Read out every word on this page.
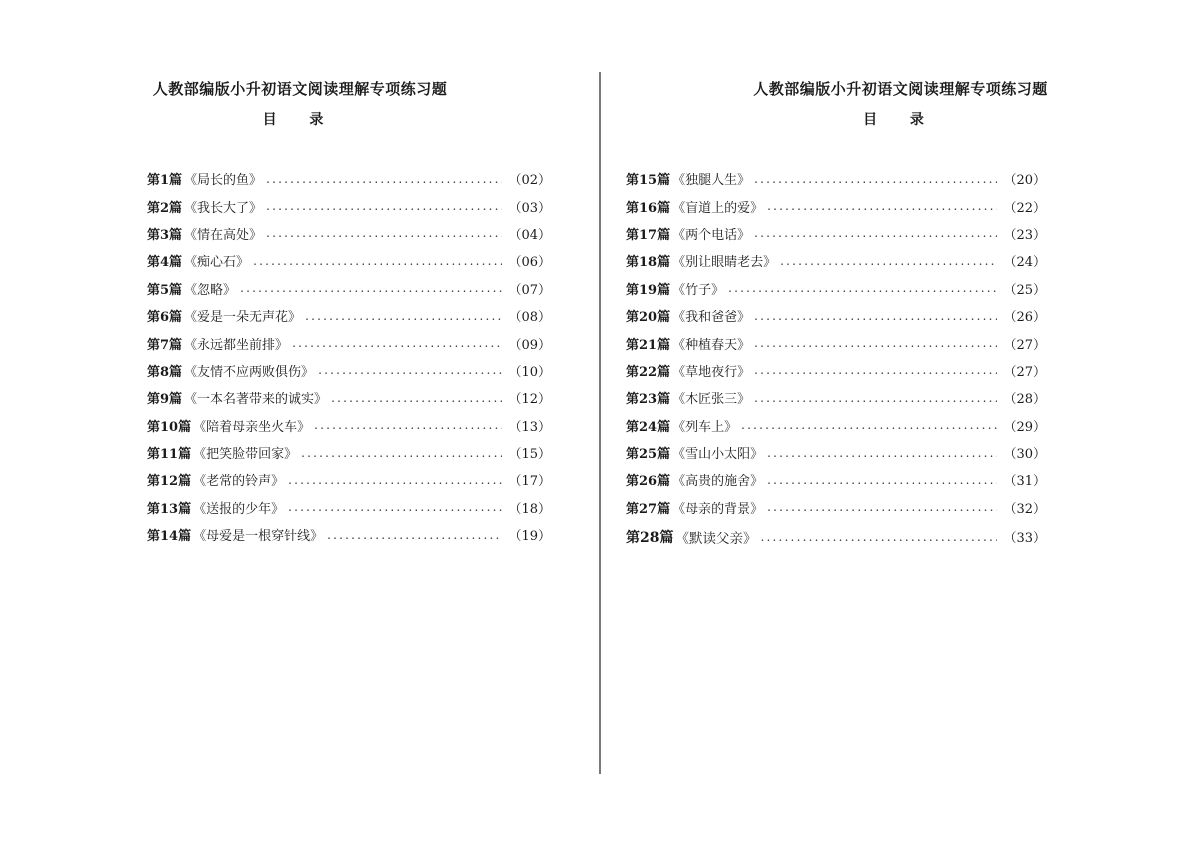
人教部编版小升初语文阅读理解专项练习题
目 录
第1篇 《局长的鱼》 .....	（02）
第2篇 《我长大了》 .....	（03）
第3篇 《情在高处》 .....	（04）
第4篇 《痴心石》 .....	（06）
第5篇 《忽略》 .....	（07）
第6篇 《爱是一朵无声花》 .....	（08）
第7篇 《永远都坐前排》 .....	（09）
第8篇 《友情不应两败俱伤》 .....	（10）
第9篇 《一本名著带来的诚实》 .....	（12）
第10篇 《陪着母亲坐火车》 .....	（13）
第11篇 《把笑脸带回家》 .....	（15）
第12篇 《老常的铃声》 .....	（17）
第13篇 《送报的少年》 .....	（18）
第14篇 《母爱是一根穿针线》 .....	（19）
人教部编版小升初语文阅读理解专项练习题
目 录
第15篇 《独腿人生》 .....	（20）
第16篇 《盲道上的爱》 .....	（22）
第17篇 《两个电话》 .....	（23）
第18篇 《别让眼睛老去》 .....	（24）
第19篇 《竹子》 .....	（25）
第20篇 《我和爸爸》 .....	（26）
第21篇 《种植春天》 .....	（27）
第22篇 《草地夜行》 .....	（27）
第23篇 《木匠张三》 .....	（28）
第24篇 《列车上》 .....	（29）
第25篇 《雪山小太阳》 .....	（30）
第26篇 《高贵的施舍》 .....	（31）
第27篇 《母亲的背景》 .....	（32）
第28篇 《默读父亲》 .....	（33）
